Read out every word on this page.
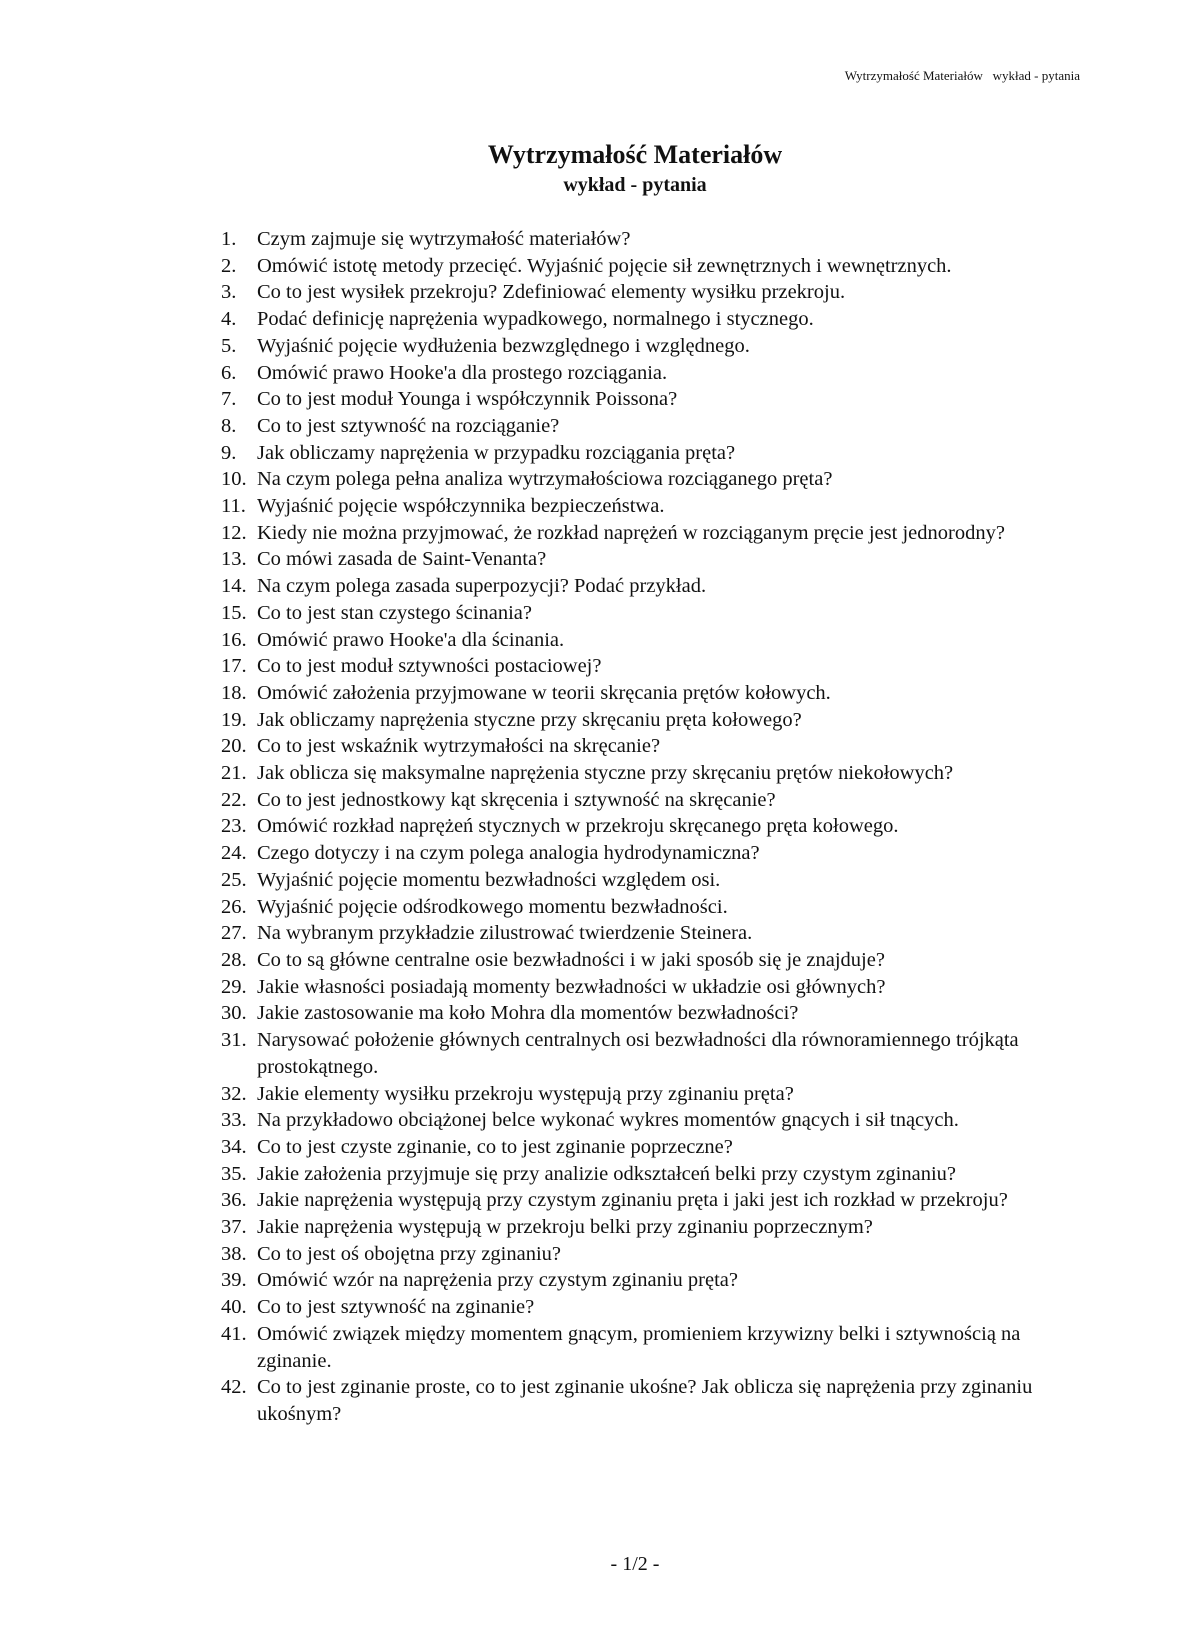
Wytrzymałość Materiałów   wykład - pytania
Wytrzymałość Materiałów
wykład - pytania
1.	Czym zajmuje się wytrzymałość materiałów?
2.	Omówić istotę metody przecięć. Wyjaśnić pojęcie sił zewnętrznych i wewnętrznych.
3.	Co to jest wysiłek przekroju? Zdefiniować elementy wysiłku przekroju.
4.	Podać definicję naprężenia wypadkowego, normalnego i stycznego.
5.	Wyjaśnić pojęcie wydłużenia bezwzględnego i względnego.
6.	Omówić prawo Hooke'a dla prostego rozciągania.
7.	Co to jest moduł Younga i współczynnik Poissona?
8.	Co to jest sztywność na rozciąganie?
9.	Jak obliczamy naprężenia w przypadku rozciągania pręta?
10. Na czym polega pełna analiza wytrzymałościowa rozciąganego pręta?
11. Wyjaśnić pojęcie współczynnika bezpieczeństwa.
12. Kiedy nie można przyjmować, że rozkład naprężeń w rozciąganym pręcie jest jednorodny?
13. Co mówi zasada de Saint-Venanta?
14. Na czym polega zasada superpozycji? Podać przykład.
15. Co to jest stan czystego ścinania?
16. Omówić prawo Hooke'a dla ścinania.
17. Co to jest moduł sztywności postaciowej?
18. Omówić założenia przyjmowane w teorii skręcania prętów kołowych.
19. Jak obliczamy naprężenia styczne przy skręcaniu pręta kołowego?
20. Co to jest wskaźnik wytrzymałości na skręcanie?
21. Jak oblicza się maksymalne naprężenia styczne przy skręcaniu prętów niekołowych?
22. Co to jest jednostkowy kąt skręcenia i sztywność na skręcanie?
23. Omówić rozkład naprężeń stycznych w przekroju skręcanego pręta kołowego.
24. Czego dotyczy i na czym polega analogia hydrodynamiczna?
25. Wyjaśnić pojęcie momentu bezwładności względem osi.
26. Wyjaśnić pojęcie odśrodkowego momentu bezwładności.
27. Na wybranym przykładzie zilustrować twierdzenie Steinera.
28. Co to są główne centralne osie bezwładności i w jaki sposób się je znajduje?
29. Jakie własności posiadają momenty bezwładności w układzie osi głównych?
30. Jakie zastosowanie ma koło Mohra dla momentów bezwładności?
31. Narysować położenie głównych centralnych osi bezwładności dla równoramiennego trójkąta prostokątnego.
32. Jakie elementy wysiłku przekroju występują przy zginaniu pręta?
33. Na przykładowo obciążonej belce wykonać wykres momentów gnących i sił tnących.
34. Co to jest czyste zginanie, co to jest zginanie poprzeczne?
35. Jakie założenia przyjmuje się przy analizie odkształceń belki przy czystym zginaniu?
36. Jakie naprężenia występują przy czystym zginaniu pręta i jaki jest ich rozkład w przekroju?
37. Jakie naprężenia występują w przekroju belki przy zginaniu poprzecznym?
38. Co to jest oś obojętna przy zginaniu?
39. Omówić wzór na naprężenia przy czystym zginaniu pręta?
40. Co to jest sztywność na zginanie?
41. Omówić związek między momentem gnącym, promieniem krzywizny belki i sztywnością na zginanie.
42. Co to jest zginanie proste, co to jest zginanie ukośne? Jak oblicza się naprężenia przy zginaniu ukośnym?
- 1/2 -
